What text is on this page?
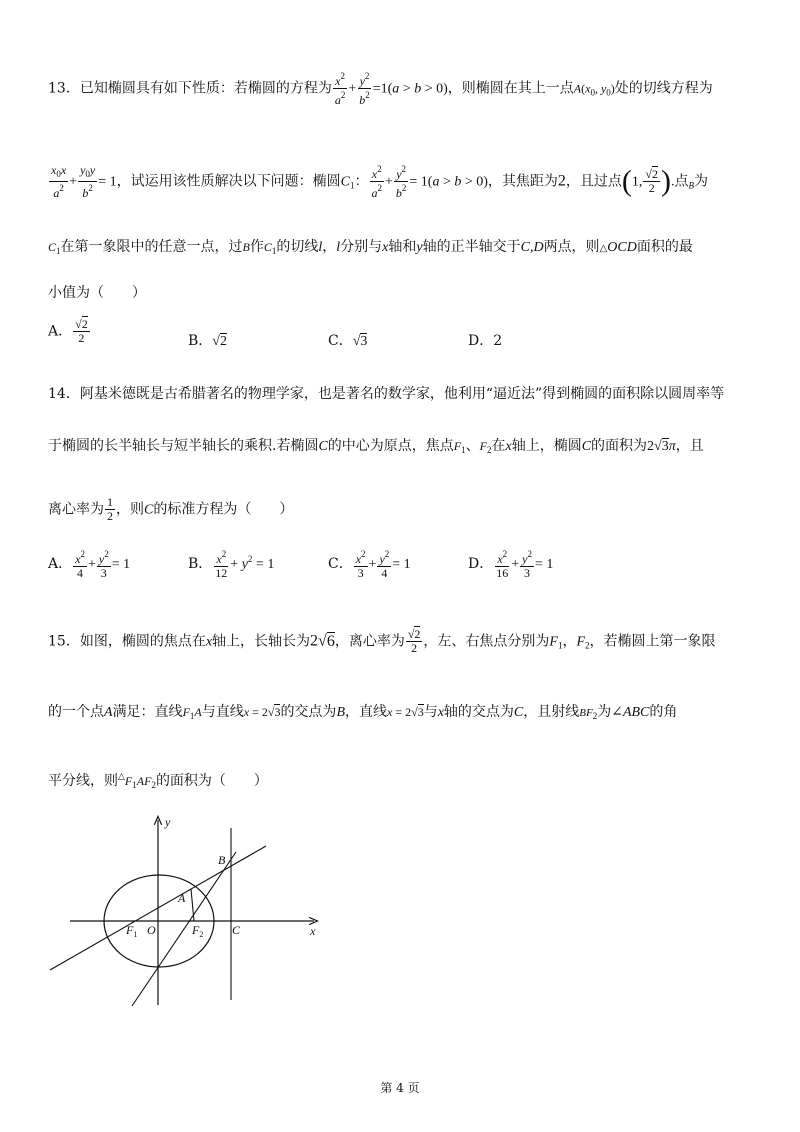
13．已知椭圆具有如下性质：若椭圆的方程为 $\frac{x^2}{a^2} + \frac{y^2}{b^2} =1(a > b > 0)$，则椭圆在其上一点$A(x_0$, $y_0$)处的切线方程为
$\frac{x_0x}{a^2} + \frac{y_0y}{b^2} = 1$，试运用该性质解决以下问题：椭圆$C_1$： $\frac{x^2}{a^2} + \frac{y^2}{b^2} = 1(a > b > 0)$，其焦距为2，且过点(1, $\frac{√2}{2}$ ).点$_B$为
$C_1$在第一象限中的任意一点，过B作$C_1$的切线l，l分别与x轴和y轴的正半轴交于C,D两点，则△OCD面积的最
小值为（　　）
A． $\frac{√2}{2}$	B．√2	C．√3	D．2
14．阿基米德既是古希腊著名的物理学家，也是著名的数学家，他利用“逼近法”得到椭圆的面积除以圆周率等
于椭圆的长半轴长与短半轴长的乘积.若椭圆C的中心为原点，焦点$F_1$、$F_2$在x轴上，椭圆C的面积为2√3π，且
离心率为 $\frac{1}{2}$ ，则C的标准方程为（　　）
A． $\frac{x^2}{4} + \frac{y^2}{3} = 1$	B． $\frac{x^2}{12} + y^2 = 1$	C． $\frac{x^2}{3} + \frac{y^2}{4} = 1$	D． $\frac{x^2}{16} + \frac{y^2}{3} = 1$
15．如图，椭圆的焦点在x轴上，长轴长为2√6，离心率为 $\frac{√2}{2}$ ，左、右焦点分别为$F_1$，$F_2$，若椭圆上第一象限
的一个点A满足：直线$F_1A$与直线x = 2√3的交点为B，直线x = 2√3与x轴的交点为C，且射线$BF_2$为∠ABC的角
平分线，则$^\triangle F_1AF_2$的面积为（　　）
y
x
B
A
$F_1$ O	$F_2$ C
第 4 页
